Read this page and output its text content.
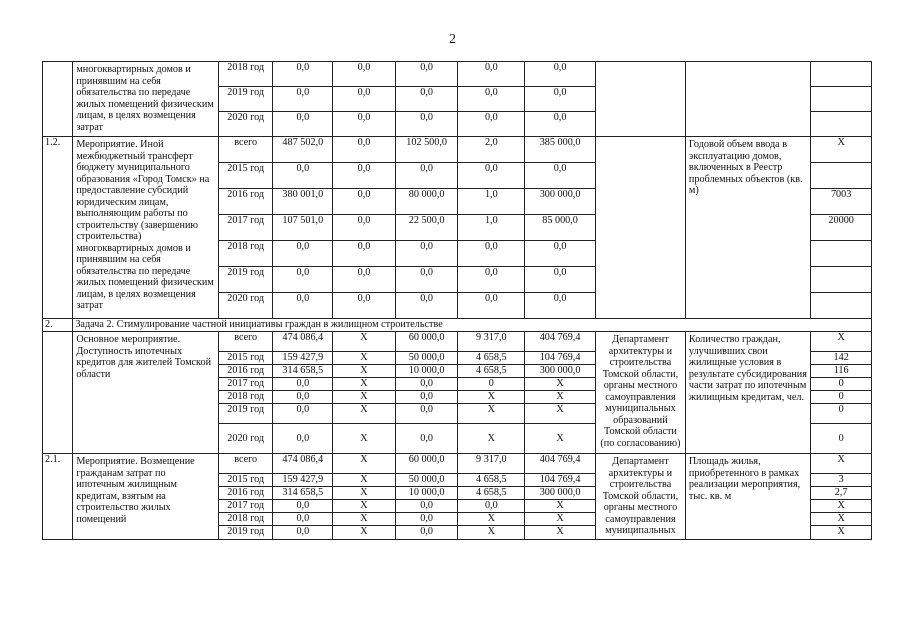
2
	многоквартирных домов и принявшим на себя обязательства по передаче жилых помещений физическим лицам, в целях возмещения затрат	2018 год	0,0	0,0	0,0	0,0	0,0			
		2019 год	0,0	0,0	0,0	0,0	0,0			
		2020 год	0,0	0,0	0,0	0,0	0,0			
1.2.	Мероприятие. Иной межбюджетный трансферт бюджету муниципального образования «Город Томск» на предоставление субсидий юридическим лицам, выполняющим работы по строительству (завершению строительства) многоквартирных домов и принявшим на себя обязательства по передаче жилых помещений физическим лицам, в целях возмещения затрат	всего	487 502,0	0,0	102 500,0	2,0	385 000,0		Годовой объем ввода в эксплуатацию домов, включенных в Реестр проблемных объектов (кв. м)	X
		2015 год	0,0	0,0	0,0	0,0	0,0			
		2016 год	380 001,0	0,0	80 000,0	1,0	300 000,0			7003
		2017 год	107 501,0	0,0	22 500,0	1,0	85 000,0			20000
		2018 год	0,0	0,0	0,0	0,0	0,0			
		2019 год	0,0	0,0	0,0	0,0	0,0			
		2020 год	0,0	0,0	0,0	0,0	0,0			
2.	Задача 2. Стимулирование частной инициативы граждан в жилищном строительстве									
	Основное мероприятие. Доступность ипотечных кредитов для жителей Томской области	всего	474 086,4	X	60 000,0	9 317,0	404 769,4	Департамент архитектуры и строительства Томской области, органы местного самоуправления муниципальных образований Томской области (по согласованию)	Количество граждан, улучшивших свои жилищные условия в результате субсидирования части затрат по ипотечным жилищным кредитам, чел.	X
		2015 год	159 427,9	X	50 000,0	4 658,5	104 769,4			142
		2016 год	314 658,5	X	10 000,0	4 658,5	300 000,0			116
		2017 год	0,0	X	0,0	0	X			0
		2018 год	0,0	X	0,0	X	X			0
		2019 год	0,0	X	0,0	X	X			0
		2020 год	0,0	X	0,0	X	X			0
2.1.	Мероприятие. Возмещение гражданам затрат по ипотечным жилищным кредитам, взятым на строительство жилых помещений	всего	474 086,4	X	60 000,0	9 317,0	404 769,4	Департамент архитектуры и строительства Томской области, органы местного самоуправления муниципальных	Площадь жилья, приобретенного в рамках реализации мероприятия, тыс. кв. м	X
		2015 год	159 427,9	X	50 000,0	4 658,5	104 769,4			3
		2016 год	314 658,5	X	10 000,0	4 658,5	300 000,0			2,7
		2017 год	0,0	X	0,0	0,0	X			X
		2018 год	0,0	X	0,0	X	X			X
		2019 год	0,0	X	0,0	X	X			X
